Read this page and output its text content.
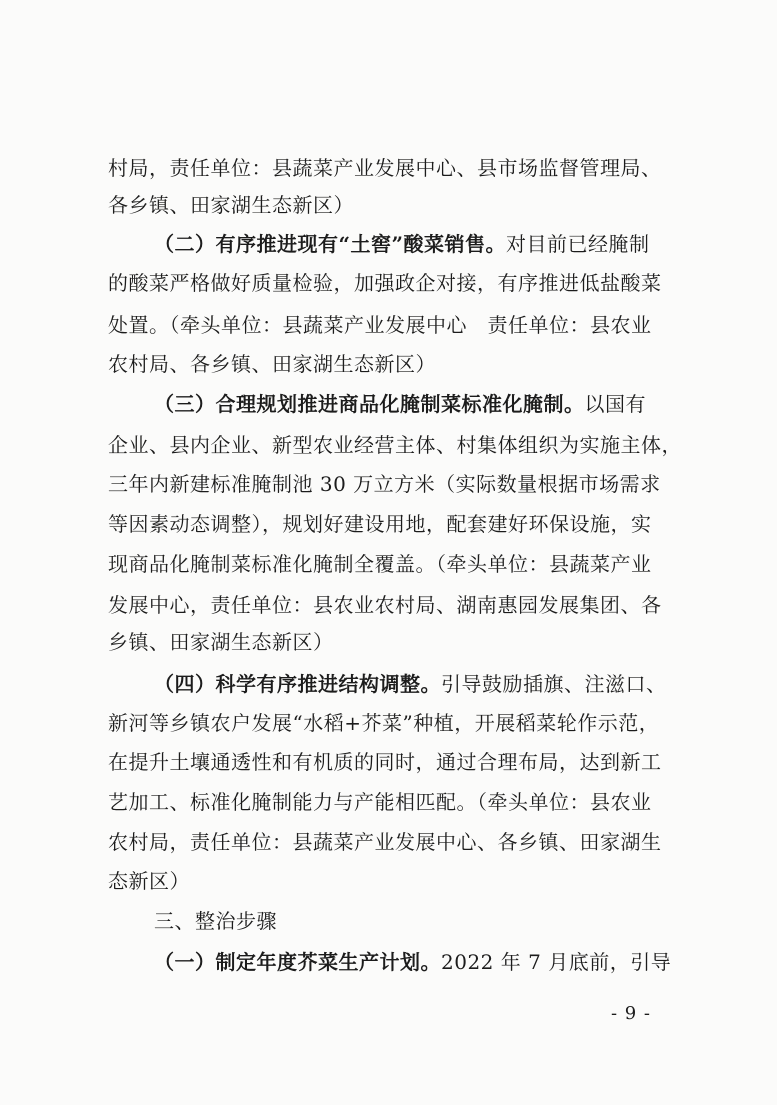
村局，责任单位：县蔬菜产业发展中心、县市场监督管理局、
各乡镇、田家湖生态新区）
（二）有序推进现有“土窖”酸菜销售。对目前已经腌制
的酸菜严格做好质量检验，加强政企对接，有序推进低盐酸菜
处置。（牵头单位：县蔬菜产业发展中心　责任单位：县农业
农村局、各乡镇、田家湖生态新区）
（三）合理规划推进商品化腌制菜标准化腌制。以国有
企业、县内企业、新型农业经营主体、村集体组织为实施主体，
三年内新建标准腌制池 30 万立方米（实际数量根据市场需求
等因素动态调整），规划好建设用地，配套建好环保设施，实
现商品化腌制菜标准化腌制全覆盖。（牵头单位：县蔬菜产业
发展中心，责任单位：县农业农村局、湖南惠园发展集团、各
乡镇、田家湖生态新区）
（四）科学有序推进结构调整。引导鼓励插旗、注滋口、
新河等乡镇农户发展“水稻+芥菜”种植，开展稻菜轮作示范，
在提升土壤通透性和有机质的同时，通过合理布局，达到新工
艺加工、标准化腌制能力与产能相匹配。（牵头单位：县农业
农村局，责任单位：县蔬菜产业发展中心、各乡镇、田家湖生
态新区）
三、整治步骤
（一）制定年度芥菜生产计划。2022 年 7 月底前，引导
- 9 -
